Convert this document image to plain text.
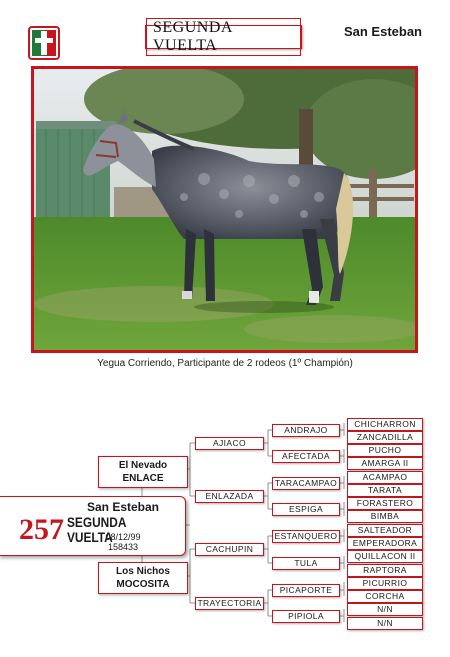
SEGUNDA VUELTA
San Esteban
Yegua Corriendo, Participante de 2 rodeos (1º Champión)
El Nevado
ENLACE
San Esteban
257 SEGUNDA VUELTA
08/12/99
158433
Los Nichos
MOCOSITA
AJIACO
ENLAZADA
CACHUPIN
TRAYECTORIA
ANDRAJO
AFECTADA
TARACAMPAO
ESPIGA
ESTANQUERO
TULA
PICAPORTE
PIPIOLA
CHICHARRON
ZANCADILLA
PUCHO
AMARGA II
ACAMPAO
TARATA
FORASTERO
BIMBA
SALTEADOR
EMPERADORA
QUILLACON II
RAPTORA
PICURRIO
CORCHA
N/N
N/N
